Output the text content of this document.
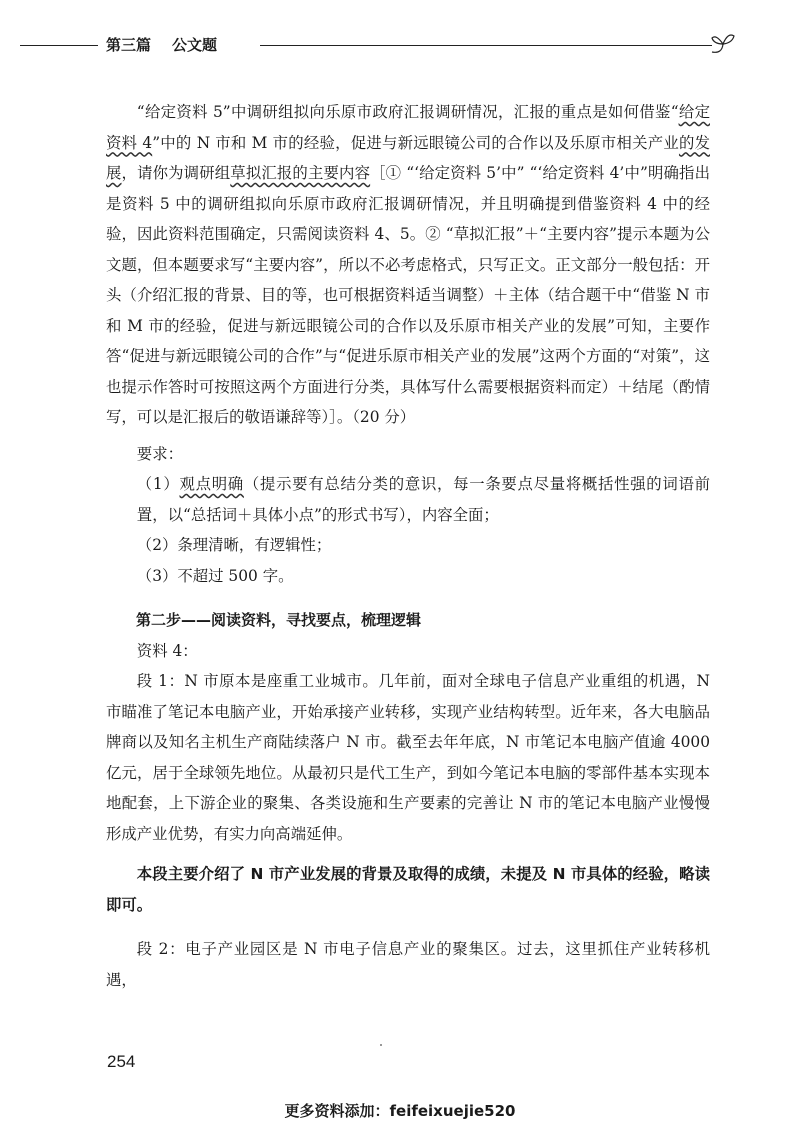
第三篇 公文题

“给定资料 5”中调研组拟向乐原市政府汇报调研情况，汇报的重点是如何借鉴“给定资料 4”中的 N 市和 M 市的经验，促进与新远眼镜公司的合作以及乐原市相关产业的发展，请你为调研组草拟汇报的主要内容［① “‘给定资料 5’中” “‘给定资料 4’中”明确指出是资料 5 中的调研组拟向乐原市政府汇报调研情况，并且明确提到借鉴资料 4 中的经验，因此资料范围确定，只需阅读资料 4、5。② “草拟汇报”＋“主要内容”提示本题为公文题，但本题要求写“主要内容”，所以不必考虑格式，只写正文。正文部分一般包括：开头（介绍汇报的背景、目的等，也可根据资料适当调整）＋主体（结合题干中“借鉴 N 市和 M 市的经验，促进与新远眼镜公司的合作以及乐原市相关产业的发展”可知，主要作答“促进与新远眼镜公司的合作”与“促进乐原市相关产业的发展”这两个方面的“对策”，这也提示作答时可按照这两个方面进行分类，具体写什么需要根据资料而定）＋结尾（酌情写，可以是汇报后的敬语谦辞等）］。（20 分）

要求：

（1）观点明确（提示要有总结分类的意识，每一条要点尽量将概括性强的词语前置，以“总括词＋具体小点”的形式书写），内容全面；

（2）条理清晰，有逻辑性；

（3）不超过 500 字。

第二步——阅读资料，寻找要点，梳理逻辑

资料 4：

段 1：N 市原本是座重工业城市。几年前，面对全球电子信息产业重组的机遇，N 市瞄准了笔记本电脑产业，开始承接产业转移，实现产业结构转型。近年来，各大电脑品牌商以及知名主机生产商陆续落户 N 市。截至去年年底，N 市笔记本电脑产值逾 4000 亿元，居于全球领先地位。从最初只是代工生产，到如今笔记本电脑的零部件基本实现本地配套，上下游企业的聚集、各类设施和生产要素的完善让 N 市的笔记本电脑产业慢慢形成产业优势，有实力向高端延伸。

本段主要介绍了 N 市产业发展的背景及取得的成绩，未提及 N 市具体的经验，略读即可。

段 2：电子产业园区是 N 市电子信息产业的聚集区。过去，这里抓住产业转移机遇，

254
更多资料添加：feifeixuejie520
